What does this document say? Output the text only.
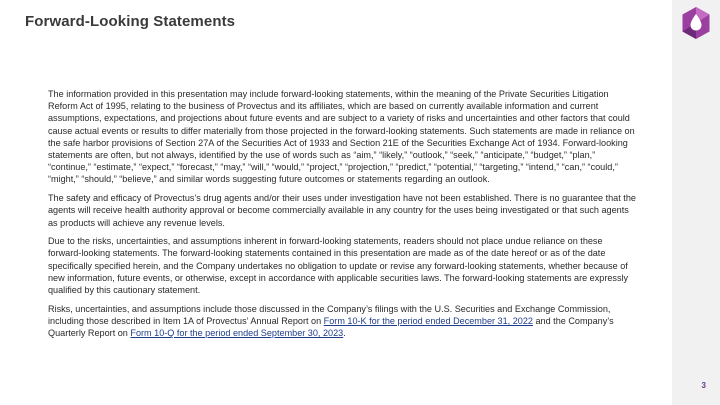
Forward-Looking Statements

The information provided in this presentation may include forward-looking statements, within the meaning of the Private Securities Litigation Reform Act of 1995, relating to the business of Provectus and its affiliates, which are based on currently available information and current assumptions, expectations, and projections about future events and are subject to a variety of risks and uncertainties and other factors that could cause actual events or results to differ materially from those projected in the forward-looking statements. Such statements are made in reliance on the safe harbor provisions of Section 27A of the Securities Act of 1933 and Section 21E of the Securities Exchange Act of 1934. Forward-looking statements are often, but not always, identified by the use of words such as “aim,” “likely,” “outlook,” “seek,” “anticipate,” “budget,” “plan,” “continue,” “estimate,” “expect,” “forecast,” “may,” “will,” “would,” “project,” “projection,” “predict,” “potential,” “targeting,” “intend,” “can,” “could,” “might,” “should,” “believe,” and similar words suggesting future outcomes or statements regarding an outlook.

The safety and efficacy of Provectus’s drug agents and/or their uses under investigation have not been established. There is no guarantee that the agents will receive health authority approval or become commercially available in any country for the uses being investigated or that such agents as products will achieve any revenue levels.

Due to the risks, uncertainties, and assumptions inherent in forward-looking statements, readers should not place undue reliance on these forward-looking statements. The forward-looking statements contained in this presentation are made as of the date hereof or as of the date specifically specified herein, and the Company undertakes no obligation to update or revise any forward-looking statements, whether because of new information, future events, or otherwise, except in accordance with applicable securities laws. The forward-looking statements are expressly qualified by this cautionary statement.

Risks, uncertainties, and assumptions include those discussed in the Company’s filings with the U.S. Securities and Exchange Commission, including those described in Item 1A of Provectus’ Annual Report on Form 10-K for the period ended December 31, 2022 and the Company’s Quarterly Report on Form 10-Q for the period ended September 30, 2023.

3
